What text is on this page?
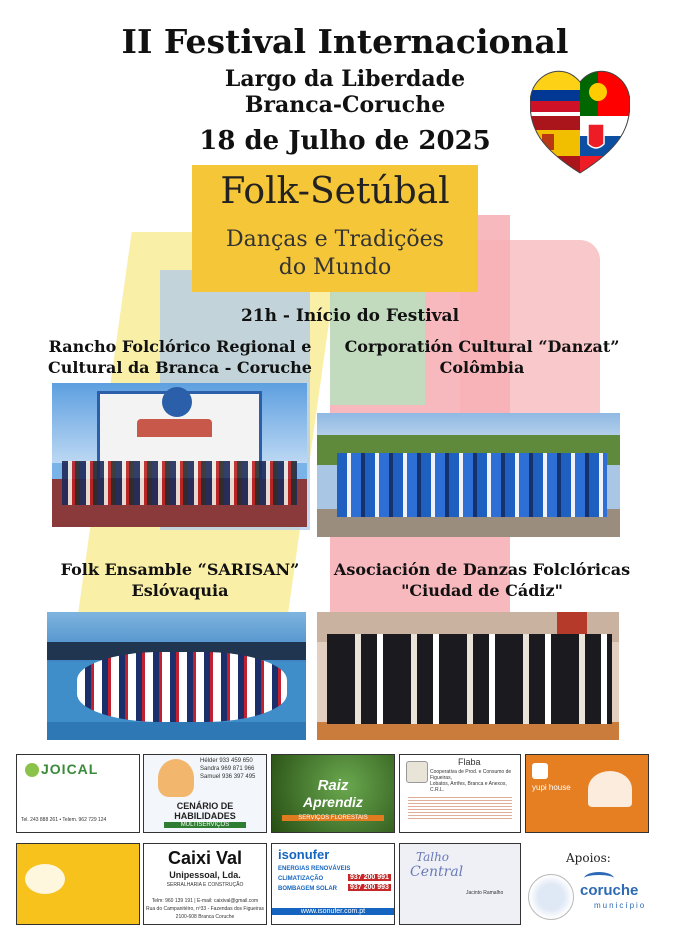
II Festival Internacional
Largo da Liberdade
Branca-Coruche
18 de Julho de 2025
Folk-Setúbal
Danças e Tradições
do Mundo
21h - Início do Festival
Rancho Folclórico Regional e
Cultural da Branca - Coruche
Corporatión Cultural “Danzat”
Colômbia
Folk Ensamble “SARISAN”
Eslóvaquia
Asociación de Danzas Folclóricas
"Ciudad de Cádiz"
JOICAL
Tel. 243 888 261 • Telem. 962 729 124
Hélder 933 459 650
Sandra 969 871 966
Samuel 936 397 495
CENÁRIO DE
HABILIDADES
MULTISERVIÇOS
Raiz
Aprendiz
SERVIÇOS FLORESTAIS
Flaba
Cooperativa de Prod. e Consumo de Figueiras,
Lobatos, Arrifes, Branca e Anexos, C.R.L.	yupi house
Caixi Val
Unipessoal, Lda.
SERRALHARIA E CONSTRUÇÃO
Telm: 960 139 191 | E-mail: caixival@gmail.com
Rua do Campanitéiro, nº33 - Fazendas dos Figueiras
2100-608 Branca Coruche
isonufer
ENERGIAS RENOVÁVEIS
CLIMATIZAÇÃO
BOMBAGEM SOLAR
937 200 991
937 200 993
www.isonufer.com.pt
Talho
Central
Jacinto Ramalho
Apoios:
coruche
município
